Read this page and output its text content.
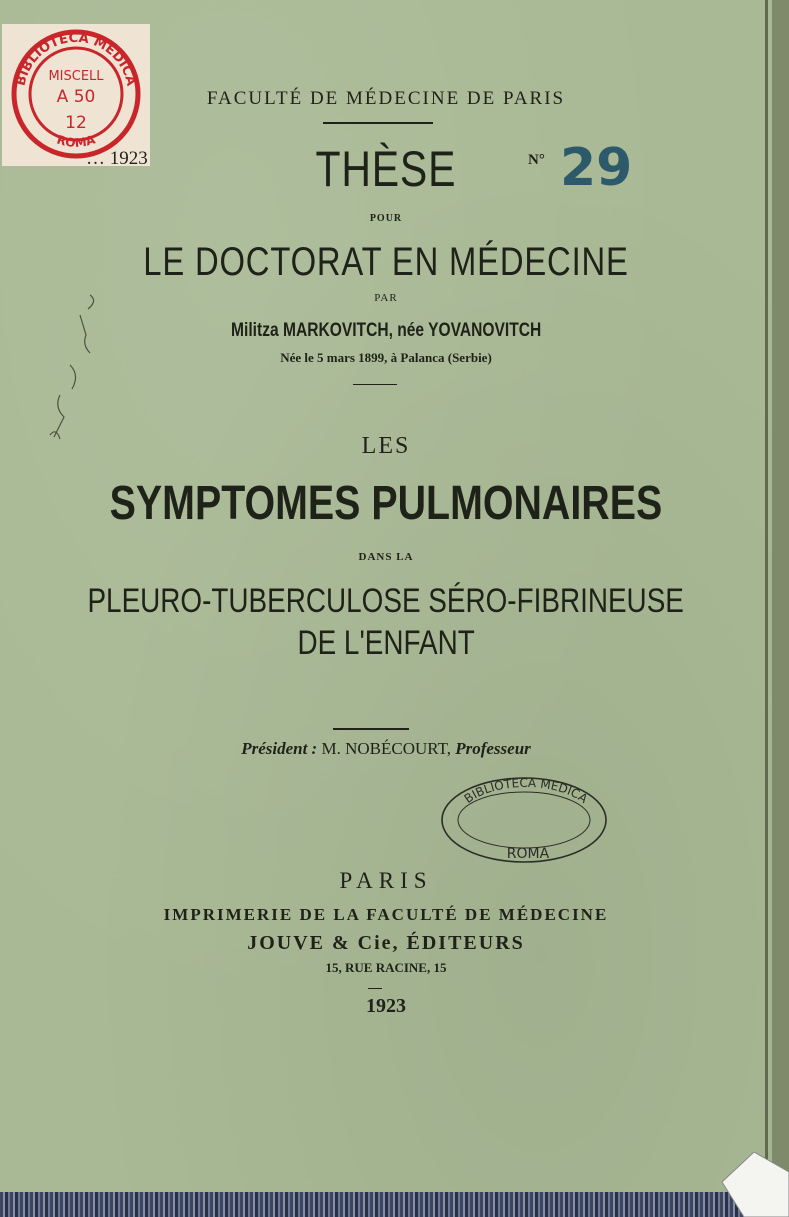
BIBLIOTECA MEDICA
ROMA
MISCELL
A 50
12
FACULTÉ DE MÉDECINE DE PARIS
… 1923	THÈSE	N° 29
POUR
LE DOCTORAT EN MÉDECINE
PAR
Militza MARKOVITCH, née YOVANOVITCH
Née le 5 mars 1899, à Palanca (Serbie)
LES
SYMPTOMES PULMONAIRES
DANS LA
PLEURO-TUBERCULOSE SÉRO-FIBRINEUSE
DE L'ENFANT
Président : M. NOBÉCOURT, Professeur
BIBLIOTECA MEDICA
ROMA
PARIS
IMPRIMERIE DE LA FACULTÉ DE MÉDECINE
JOUVE & Cie, ÉDITEURS
15, RUE RACINE, 15
1923
